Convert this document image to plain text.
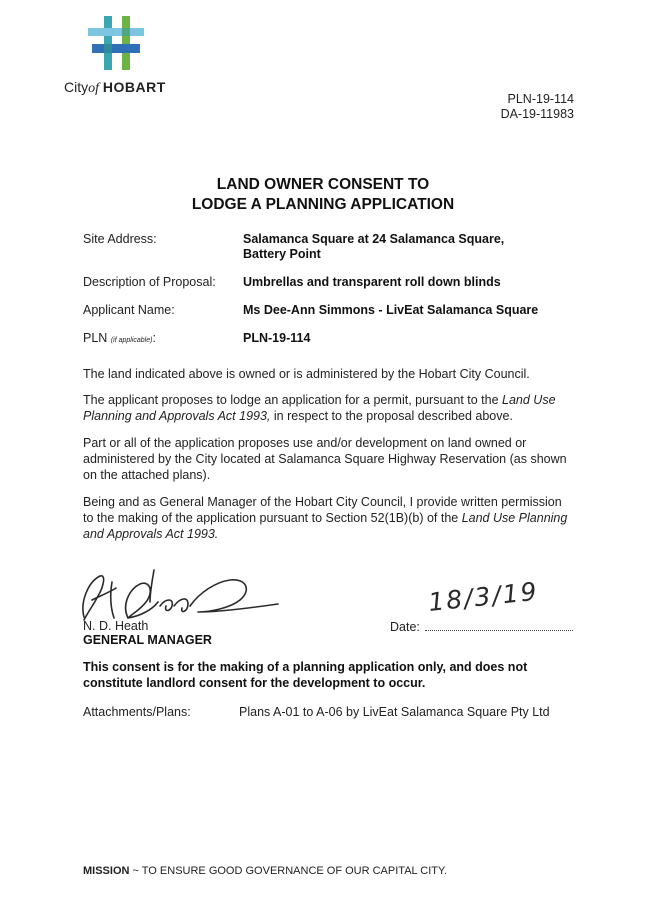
Cityof HOBART
PLN-19-114
DA-19-11983
LAND OWNER CONSENT TO
LODGE A PLANNING APPLICATION
Site Address:	Salamanca Square at 24 Salamanca Square,
Battery Point
Description of Proposal: Umbrellas and transparent roll down blinds
Applicant Name:	Ms Dee-Ann Simmons - LivEat Salamanca Square
PLN (if applicable):	PLN-19-114
The land indicated above is owned or is administered by the Hobart City Council.
The applicant proposes to lodge an application for a permit, pursuant to the Land Use Planning and Approvals Act 1993, in respect to the proposal described above.
Part or all of the application proposes use and/or development on land owned or administered by the City located at Salamanca Square Highway Reservation (as shown on the attached plans).
Being and as General Manager of the Hobart City Council, I provide written permission to the making of the application pursuant to Section 52(1B)(b) of the Land Use Planning and Approvals Act 1993.
N. D. Heath
GENERAL MANAGER
Date:
18/3/19
This consent is for the making of a planning application only, and does not constitute landlord consent for the development to occur.
Attachments/Plans:	Plans A-01 to A-06 by LivEat Salamanca Square Pty Ltd
MISSION ~ TO ENSURE GOOD GOVERNANCE OF OUR CAPITAL CITY.
